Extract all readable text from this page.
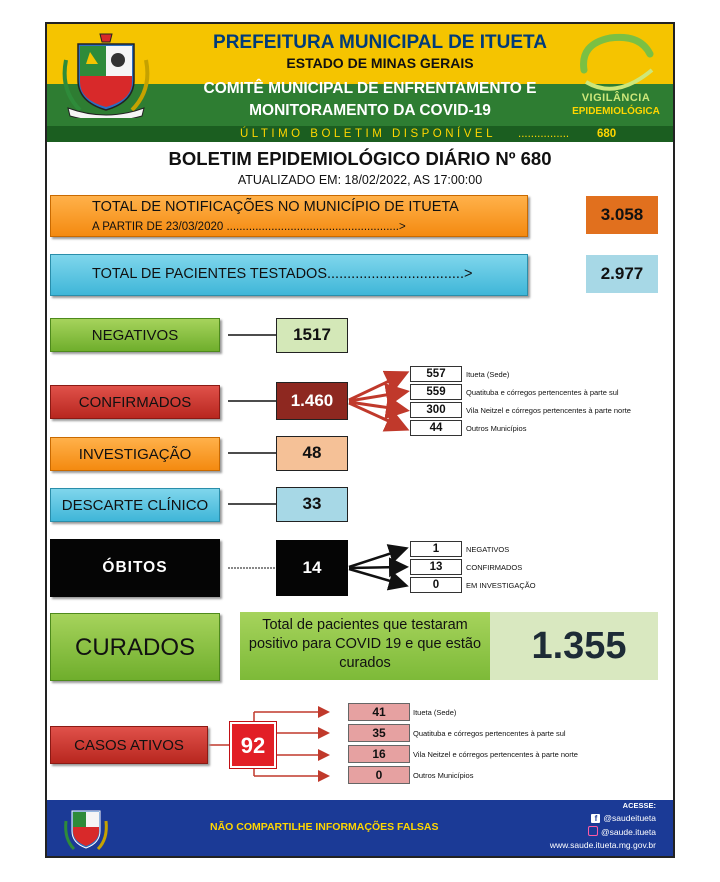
PREFEITURA MUNICIPAL DE ITUETA
ESTADO DE MINAS GERAIS
COMITÊ MUNICIPAL DE ENFRENTAMENTO E
MONITORAMENTO DA COVID-19
ÚLTIMO BOLETIM DISPONÍVEL ................ 680
VIGILÂNCIA
EPIDEMIOLÓGICA
BOLETIM EPIDEMIOLÓGICO DIÁRIO Nº 680
ATUALIZADO EM: 18/02/2022, AS 17:00:00
TOTAL DE NOTIFICAÇÕES NO MUNICÍPIO DE ITUETA
A PARTIR DE 23/03/2020 ......................................................>
3.058
TOTAL DE PACIENTES TESTADOS..................................>	2.977
NEGATIVOS	1517
CONFIRMADOS	1.460
557	Itueta (Sede)
559	Quatituba e córregos pertencentes à parte sul
300	Vila Neitzel e córregos pertencentes à parte norte
44	Outros Municípios
INVESTIGAÇÃO	48
DESCARTE CLÍNICO	33
ÓBITOS	14
1	NEGATIVOS
13	CONFIRMADOS
0	EM INVESTIGAÇÃO
CURADOS
Total de pacientes que testaram positivo para COVID 19 e que estão curados	1.355
CASOS ATIVOS	92
41	Itueta (Sede)
35	Quatituba e córregos pertencentes à parte sul
16	Vila Neitzel e córregos pertencentes à parte norte
0	Outros Municípios
NÃO COMPARTILHE INFORMAÇÕES FALSAS
ACESSE:
f @saudeitueta
@saude.itueta
www.saude.itueta.mg.gov.br
